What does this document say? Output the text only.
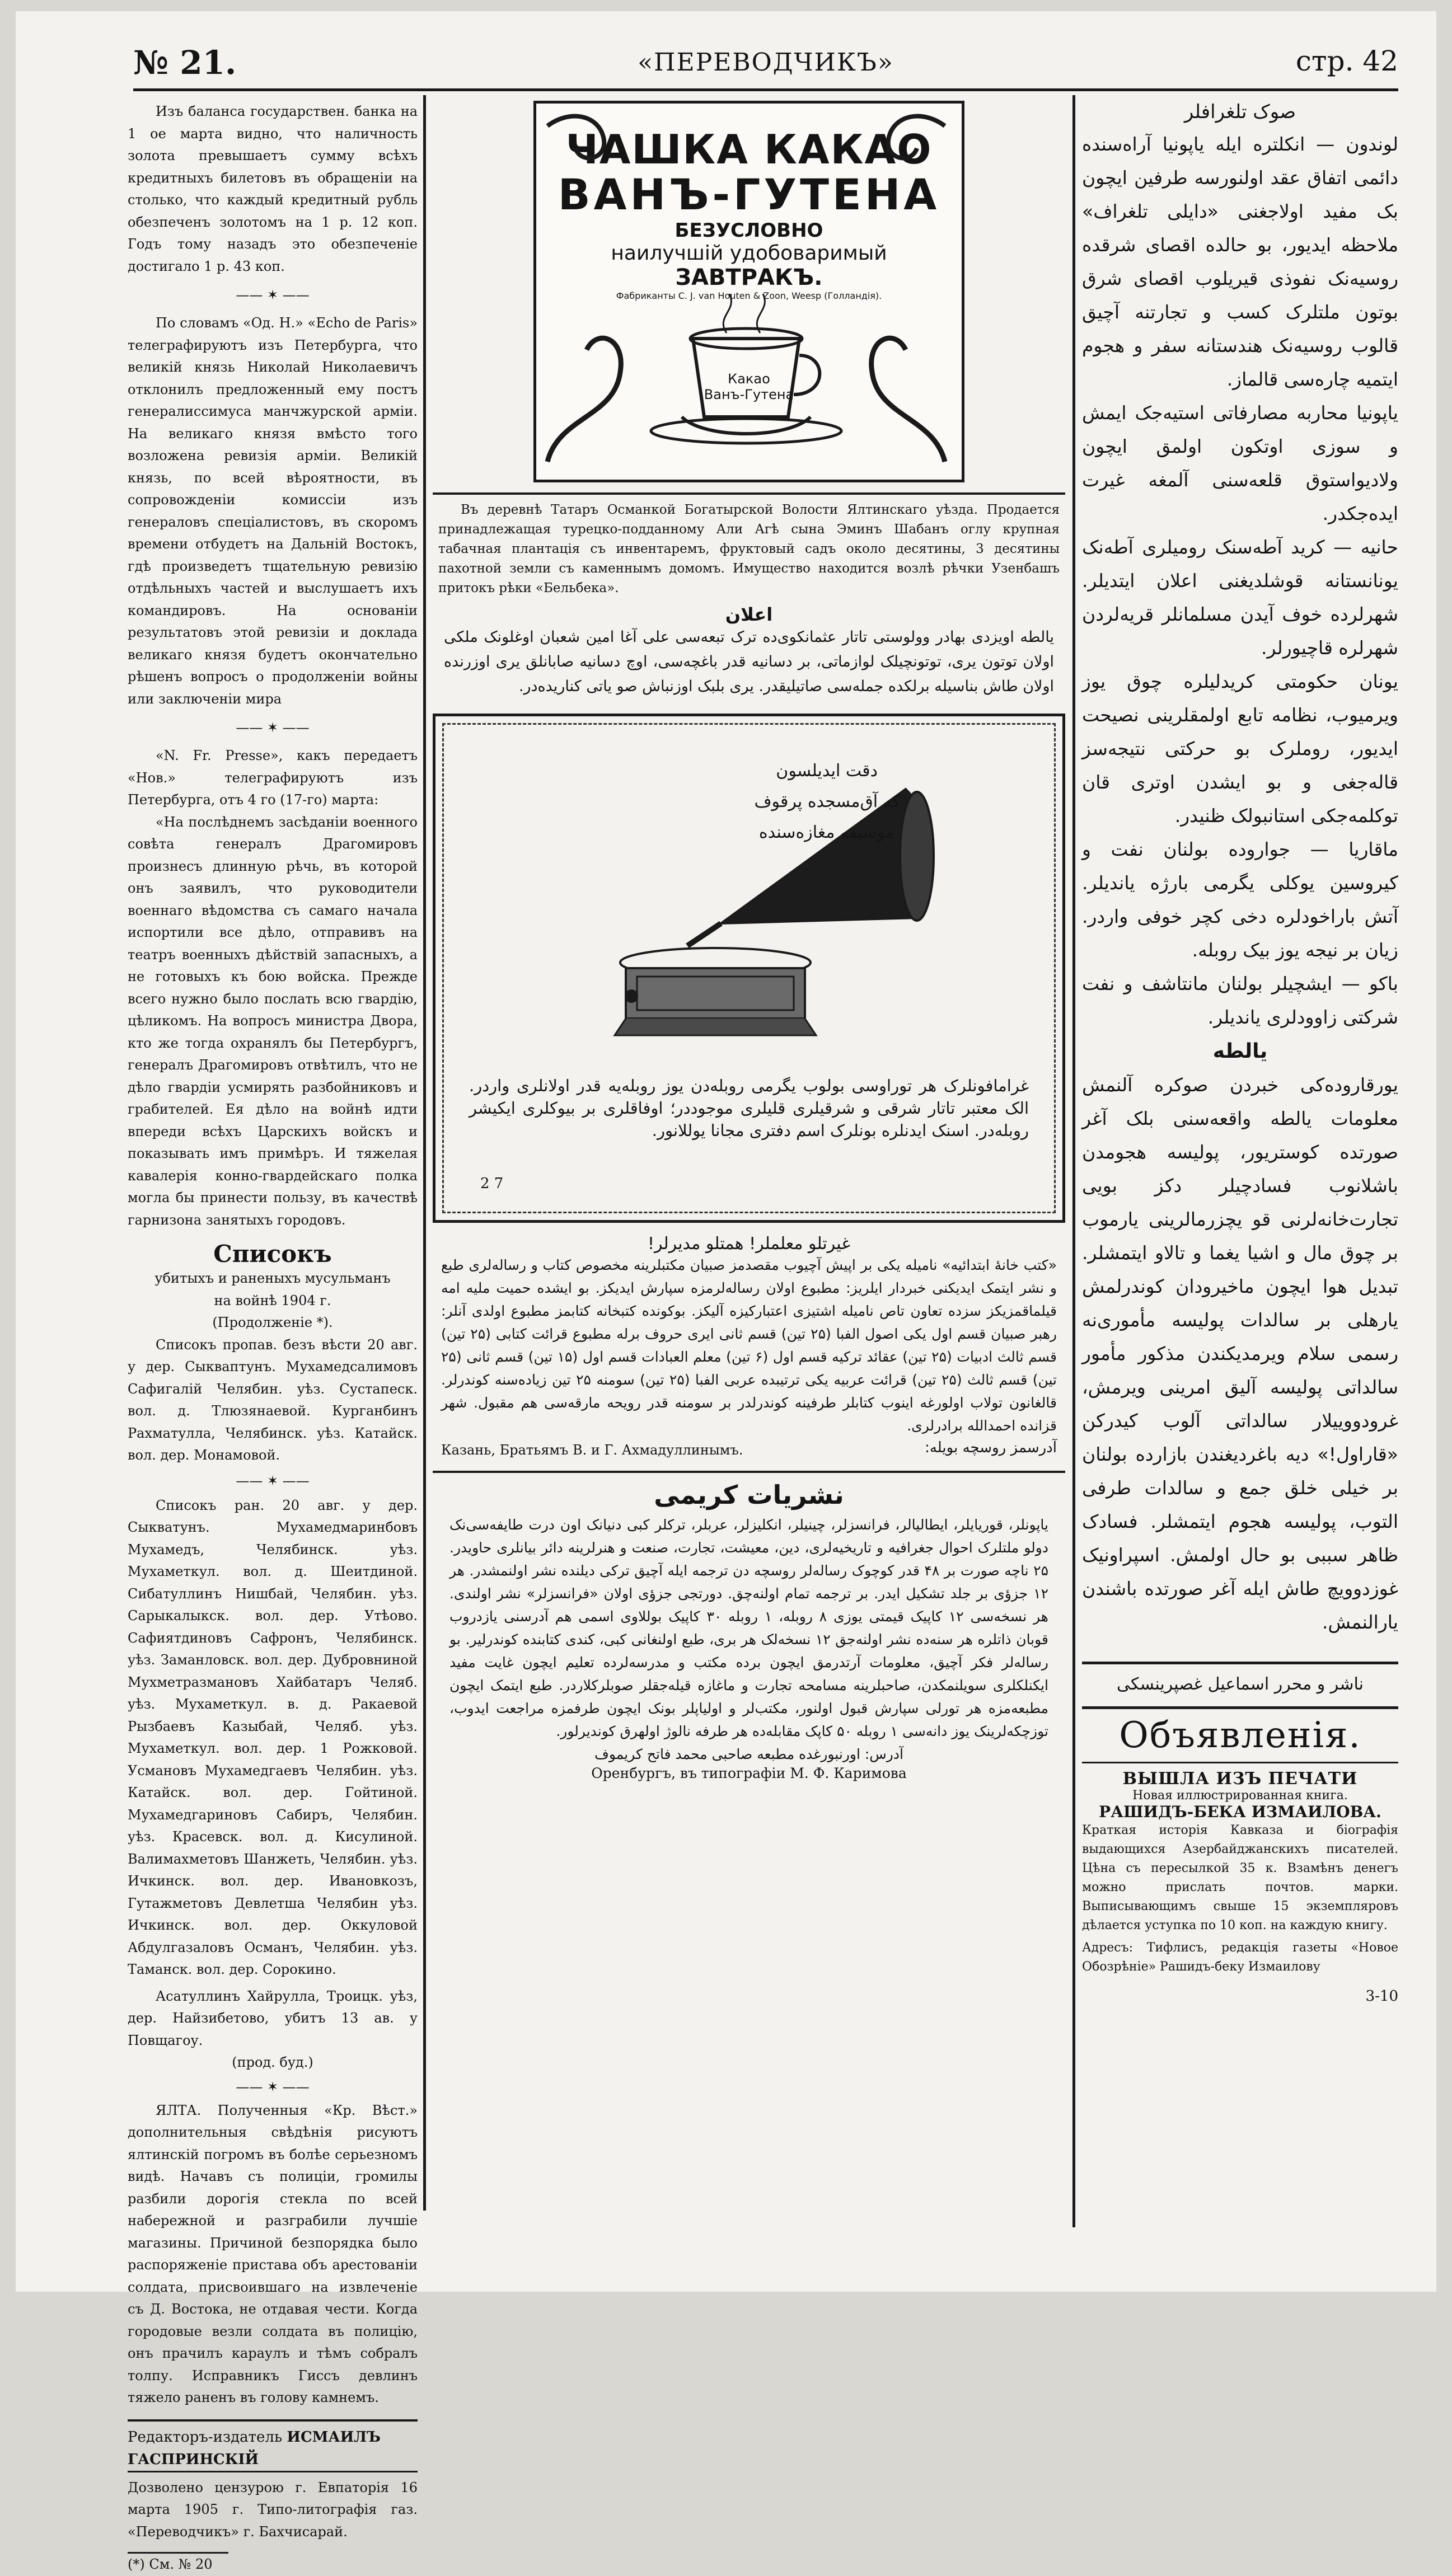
№ 21.	«ПЕРЕВОДЧИКЪ»	стр. 42

Изъ баланса государствен. банка на 1 ое марта видно, что наличность золота превышаетъ сумму всѣхъ кредитныхъ билетовъ въ обращенiи на столько, что каждый кредитный рубль обезпеченъ золотомъ на 1 р. 12 коп. Годъ тому назадъ это обезпеченiе достигало 1 р. 43 коп.

—— ✶ ——

По словамъ «Од. Н.» «Echo de Paris» телеграфируютъ изъ Петербурга, что великiй князь Николай Николаевичъ отклонилъ предложенный ему постъ генералиссимуса манчжурской армiи. На великаго князя вмѣсто того возложена ревизiя армiи. Великiй князь, по всей вѣроятности, въ сопровожденiи комиссiи изъ генераловъ спецiалистовъ, въ скоромъ времени отбудетъ на Дальнiй Востокъ, гдѣ произведетъ тщательную ревизiю отдѣльныхъ частей и выслушаетъ ихъ командировъ. На основанiи результатовъ этой ревизiи и доклада великаго князя будетъ окончательно рѣшенъ вопросъ о продолженiи войны или заключенiи мира

—— ✶ ——

«N. Fr. Presse», какъ передаетъ «Нов.» телеграфируютъ изъ Петербурга, отъ 4 го (17-го) марта:

«На послѣднемъ засѣданiи военного совѣта генералъ Драгомировъ произнесъ длинную рѣчь, въ которой онъ заявилъ, что руководители военнаго вѣдомства съ самаго начала испортили все дѣло, отправивъ на театръ военныхъ дѣйствiй запасныхъ, а не готовыхъ къ бою войска. Прежде всего нужно было послать всю гвардiю, цѣликомъ. На вопросъ министра Двора, кто же тогда охранялъ бы Петербургъ, генералъ Драгомировъ отвѣтилъ, что не дѣло гвардiи усмирять разбойниковъ и грабителей. Ея дѣло на войнѣ идти впереди всѣхъ Царскихъ войскъ и показывать имъ примѣръ. И тяжелая кавалерiя конно-гвардейскаго полка могла бы принести пользу, въ качествѣ гарнизона занятыхъ городовъ.

Списокъ

убитыхъ и раненыхъ мусульманъ на войнѣ 1904 г.

(Продолженiе *).

Списокъ пропав. безъ вѣсти 20 авг. у дер. Сыкваптунъ. Мухамедсалимовъ Сафигалiй Челябин. уѣз. Сустапеск. вол. д. Тлюзянаевой. Курганбинъ Рахматулла, Челябинск. уѣз. Катайск. вол. дер. Монамовой.

—— ✶ ——

Списокъ ран. 20 авг. у дер. Сыкватунъ. Мухамедмаринбовъ Мухамедъ, Челябинск. уѣз. Мухаметкул. вол. д. Шеитдиной. Сибатуллинъ Нишбай, Челябин. уѣз. Сарыкалыкск. вол. дер. Утѣово. Сафиятдиновъ Сафронъ, Челябинск. уѣз. Заманловск. вол. дер. Дубровниной Мухметразмановъ Хайбатаръ Челяб. уѣз. Мухаметкул. в. д. Ракаевой Рызбаевъ Казыбай, Челяб. уѣз. Мухаметкул. вол. дер. 1 Рожковой. Усмановъ Мухамедгаевъ Челябин. уѣз. Катайск. вол. дер. Гойтиной. Мухамедгариновъ Сабиръ, Челябин. уѣз. Красевск. вол. д. Кисулиной. Валимахметовъ Шанжеть, Челябин. уѣз. Ичкинск. вол. дер. Ивановкозъ, Гутажметовъ Девлетша Челябин уѣз. Ичкинск. вол. дер. Оккуловой Абдулгазаловъ Османъ, Челябин. уѣз. Таманск. вол. дер. Сорокино.

Асатуллинъ Хайрулла, Троицк. уѣз, дер. Найзибетово, убитъ 13 ав. у Повщагоу.

(прод. буд.)

—— ✶ ——

ЯЛТА. Полученныя «Кр. Вѣст.» дополнительныя свѣдѣнiя рисуютъ ялтинскiй погромъ въ болѣе серьезномъ видѣ. Начавъ съ полицiи, громилы разбили дорогiя стекла по всей набережной и разграбили лучшiе магазины. Причиной безпорядка было распоряженiе пристава объ арестованiи солдата, присвоившаго на извлеченiе съ Д. Востока, не отдавая чести. Когда городовые везли солдата въ полицiю, онъ прачилъ караулъ и тѣмъ собралъ толпу. Исправникъ Гиссъ девлинъ тяжело раненъ въ голову камнемъ.

Редакторъ-издатель ИСМАИЛЪ ГАСПРИНСКIЙ

Дозволено цензурою г. Евпаторiя 16 марта 1905 г. Типо-литографiя газ. «Переводчикъ» г. Бахчисарай.

(*) См. № 20

ЧАШКА КАКАО
ВАНЪ-ГУТЕНА
БЕЗУСЛОВНО
наилучшiй удобоваримый
ЗАВТРАКЪ.
Фабриканты C. J. van Houten & Zoon, Weesp (Голландiя).
Какао
Ванъ-Гутена

Въ деревнѣ Татаръ Османкой Богатырской Волости Ялтинскаго уѣзда. Продается принадлежащая турецко-подданному Али Агѣ сына Эминъ Шабанъ оглу крупная табачная плантацiя съ инвентаремъ, фруктовый садъ около десятины, 3 десятины пахотной земли съ каменнымъ домомъ. Имущество находится возлѣ рѣчки Узенбашъ притокъ рѣки «Бельбека».

اعلان

یالطه اویزدی بهادر وولوستی تاتار عثمانکوی‌ده ترک تبعه‌سی علی آغا امین شعبان اوغلونک ملکی اولان توتون یری، توتونچیلک لوازماتی، بر دسانیه قدر باغچه‌سی، اوچ دسانیه صابانلق یری اوزرنده اولان طاش بناسیله برلکده جمله‌سی صاتیلیقدر. یری بلبک اوزنباش صو یاتی کناریده‌در.

دقت ایدیلسون
که آق‌مسجده پرقوف
موسیقه مغازه‌سنده

غرامافونلرک هر توراوسی بولوب یگرمی روبله‌دن یوز روبله‌یه قدر اولانلری واردر. الک معتبر تاتار شرقی و شرقیلری قلیلری موجوددر؛ اوفاقلری بر بیوکلری ایکیشر روبله‌در. اسنک ایدنلره بونلرک اسم دفتری مجانا یوللانور.

2 7
غیرتلو معلملر! همتلو مدیرلر!

«کتب خانهٔ ابتدائیه» نامیله یکی بر اپیش آچیوب مقصدمز صبیان مکتبلرینه مخصوص کتاب و رساله‌لری طبع و نشر ایتمک ایدیکنی خبردار ایلریز: مطبوع اولان رساله‌لرمزه سپارش ایدیکز. بو ایشده حمیت ملیه امه قیلماقمزیکز سزده تعاون تاص نامیله اشتیزی اعتبارکیزه آلیکز. بوکونده کتبخانه کتابمز مطبوع اولدی آنلر: رهبر صبیان قسم اول یکی اصول الفبا (۲۵ تین) قسم ثانی ایری حروف برله مطبوع قرائت کتابی (۲۵ تین) قسم ثالث ادبیات (۲۵ تین) عقائد ترکیه قسم اول (۶ تین) معلم العبادات قسم اول (۱۵ تین) قسم ثانی (۲۵ تین) قسم ثالث (۲۵ تین) قرائت عربیه یکی ترتیبده عربی الفبا (۲۵ تین) سومنه ۲۵ تین زیاده‌سنه کوندرلر. قالغانون تولاب اولورغه اینوب کتابلر طرفینه کوندرلدر بر سومنه قدر رویحه مارقه‌سی هم مقبول. شهر قزانده احمدالله برادرلری.

Казань, Братьямъ В. и Г. Ахмадуллинымъ.	آدرسمز روسچه بویله:
نشریات کریمی

یاپونلر، قوریایلر، ایطالیالر، فرانسزلر، چینیلر، انکلیزلر، عربلر، ترکلر کبی دنیانک اون درت طایفه‌سی‌نک دولو ملتلرک احوال جغرافیه و تاریخیه‌لری، دین، معیشت، تجارت، صنعت و هنرلرینه دائر بیانلری حاویدر. ۲۵ ناچه صورت بر ۴۸ قدر کوچوک رساله‌لر روسچه دن ترجمه ایله آچیق ترکی دیلنده نشر اولنمشدر. هر ۱۲ جزؤی بر جلد تشکیل ایدر. بر ترجمه تمام اولنه‌چق. دورتجی جزؤی اولان «فرانسزلر» نشر اولندی. هر نسخه‌سی ۱۲ کاپیک قیمتی یوزی ۸ روبله، ۱ روبله ۳۰ کاپیک بوللاوی اسمی هم آدرسنی یازدروب قوبان ذاتلره هر سنه‌ده نشر اولنه‌جق ۱۲ نسخه‌لک هر بری، طبع اولنغانی کبی، کندی کتابنده کوندرلیر. بو رساله‌لر فکر آچیق، معلومات آرتدرمق ایچون برده مکتب و مدرسه‌لرده تعلیم ایچون غایت مفید ایکنلکلری سویلنمکدن، صاحبلرینه مسامحه تجارت و ماغازه قیله‌جقلر صوبلرکلاردر. طبع ایتمک ایچون مطبعه‌مزه هر تورلی سپارش قبول اولنور، مکتب‌لر و اولیاپلر بونک ایچون طرفمزه مراجعت ایدوب، توزچکه‌لرینک یوز دانه‌سی ۱ روبله ۵۰ کاپک مقابله‌ده هر طرفه نالوژ اولهرق کوندیرلور.

آدرس: اورنبورغده مطبعه صاحبی محمد فاتح کریموف

Оренбургъ, въ типографiи М. Ф. Каримова

صوک تلغرافلر

لوندون — انکلتره ایله یاپونیا آراه‌سنده دائمی اتفاق عقد اولنورسه طرفین ایچون بک مفید اولاجغنی «دایلی تلغراف» ملاحظه ایدیور، بو حالده اقصای شرقده روسیه‌نک نفوذی قیریلوب اقصای شرق بوتون ملتلرک کسب و تجارتنه آچیق قالوب روسیه‌نک هندستانه سفر و هجوم ایتمیه چاره‌سی قالماز.

یاپونیا محاربه مصارفاتی استیه‌جک ایمش و سوزی اوتکون اولمق ایچون ولادیواستوق قلعه‌سنی آلمغه غیرت ایده‌جکدر.

حانیه — کرید آطه‌سنک رومیلری آطه‌نک یونانستانه قوشلدیغنی اعلان ایتدیلر. شهرلرده خوف آیدن مسلمانلر قریه‌لردن شهرلره قاچیورلر.

یونان حکومتی کریدلیلره چوق یوز ویرمیوب، نظامه تابع اولمقلرینی نصیحت ایدیور، روملرک بو حرکتی نتیجه‌سز قاله‌جغی و بو ایشدن اوتری قان توکلمه‌جکی استانبولک ظنیدر.

ماقاریا — جواروده بولنان نفت و کیروسین یوکلی یگرمی بارژه یاندیلر. آتش باراخودلره دخی کچر خوفی واردر. زیان بر نیجه یوز بیک روبله.

باکو — ایشچیلر بولنان مانتاشف و نفت شرکتی زاوودلری یاندیلر.

یالطه

یورقاروده‌کی خبردن صوکره آلنمش معلومات یالطه واقعه‌سنی بلک آغر صورتده کوستریور، پولیسه هجومدن باشلانوب فسادچیلر دکز بویی تجارت‌خانه‌لرنی قو یچزرمالرینی یارموب بر چوق مال و اشیا یغما و تالاو ایتمشلر. تبدیل هوا ایچون ماخیرودان کوندرلمش یارهلی بر سالدات پولیسه مأموری‌نه رسمی سلام ویرمدیکندن مذکور مأمور سالداتی پولیسه آلیق امرینی ویرمش، غرودووییلار سالداتی آلوب کیدرکن «قاراول!» دیه باغردیغندن بازارده بولنان بر خیلی خلق جمع و سالدات طرفی التوب، پولیسه هجوم ایتمشلر. فسادک ظاهر سببی بو حال اولمش. اسپراونیک غوزدوویچ طاش ایله آغر صورتده باشندن یارالنمش.

ناشر و محرر اسماعیل غصپرینسکی
Объявленiя.
ВЫШЛА ИЗЪ ПЕЧАТИ
Новая иллюстрированная книга.
РАШИДЪ-БЕКА ИЗМАИЛОВА.

Краткая исторiя Кавказа и бiографiя выдающихся Азербайджанскихъ писателей. Цѣна съ пересылкой 35 к. Взамѣнъ денегъ можно прислать почтов. марки. Выписывающимъ свыше 15 экземпляровъ дѣлается уступка по 10 коп. на каждую книгу.

Адресъ: Тифлисъ, редакцiя газеты «Новое Обозрѣнiе» Рашидъ-беку Измаилову

3-10
